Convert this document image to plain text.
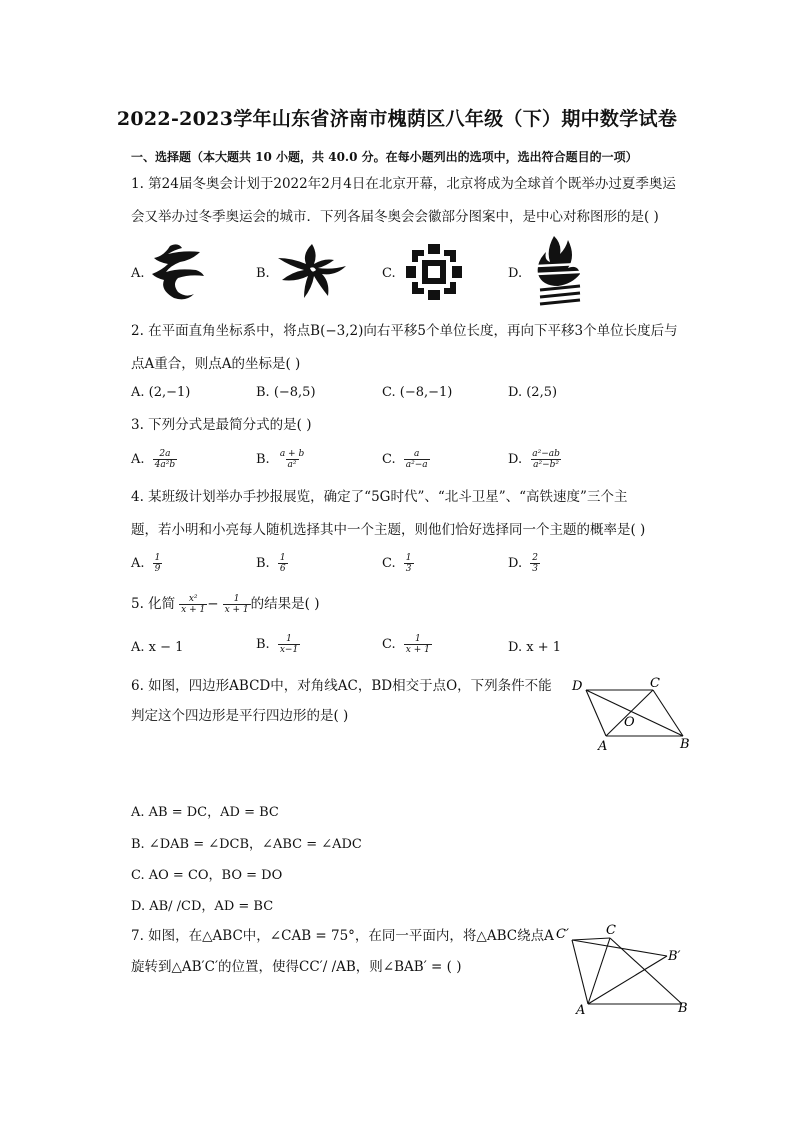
2022-2023学年山东省济南市槐荫区八年级（下）期中数学试卷
一、选择题（本大题共 10 小题，共 40.0 分。在每小题列出的选项中，选出符合题目的一项）
1. 第24届冬奥会计划于2022年2月4日在北京开幕，北京将成为全球首个既举办过夏季奥运
会又举办过冬季奥运会的城市．下列各届冬奥会会徽部分图案中，是中心对称图形的是( )
A.	B.	C.	D.
2. 在平面直角坐标系中，将点B(−3,2)向右平移5个单位长度，再向下平移3个单位长度后与
点A重合，则点A的坐标是( )
A. (2,−1)	B. (−8,5)	C. (−8,−1)	D. (2,5)
3. 下列分式是最简分式的是( )
A. $\frac{2a}{\text{4a²b}}$	B. $\frac{a + b}{\text{a²}}$	C. $\frac{a}{\text{a²−a}}$	D. $\frac{\text{a²−ab}}{\text{a²−b²}}$
4. 某班级计划举办手抄报展览，确定了“5G时代”、“北斗卫星”、“高铁速度”三个主
题，若小明和小亮每人随机选择其中一个主题，则他们恰好选择同一个主题的概率是( )
A. $\frac{1}{9}$	B. $\frac{1}{6}$	C. $\frac{1}{3}$	D. $\frac{2}{3}$
5. 化简 $\frac{\text{x²}}{x + 1} - \frac{1}{x + 1}$ 的结果是( )
A. x − 1	B. $\frac{1}{x-1}$	C. $\frac{1}{x + 1}$	D. x + 1
6. 如图，四边形ABCD中，对角线AC，BD相交于点O，下列条件不能
判定这个四边形是平行四边形的是( )
D	C
O
A	B
A. AB = DC，AD = BC
B. ∠DAB = ∠DCB，∠ABC = ∠ADC
C. AO = CO，BO = DO
D. AB/ /CD，AD = BC
7. 如图，在△ABC中，∠CAB = 75°，在同一平面内，将△ABC绕点A
旋转到△AB′C′的位置，使得CC′/ /AB，则∠BAB′ = ( )
C′	C
B′
A	B
